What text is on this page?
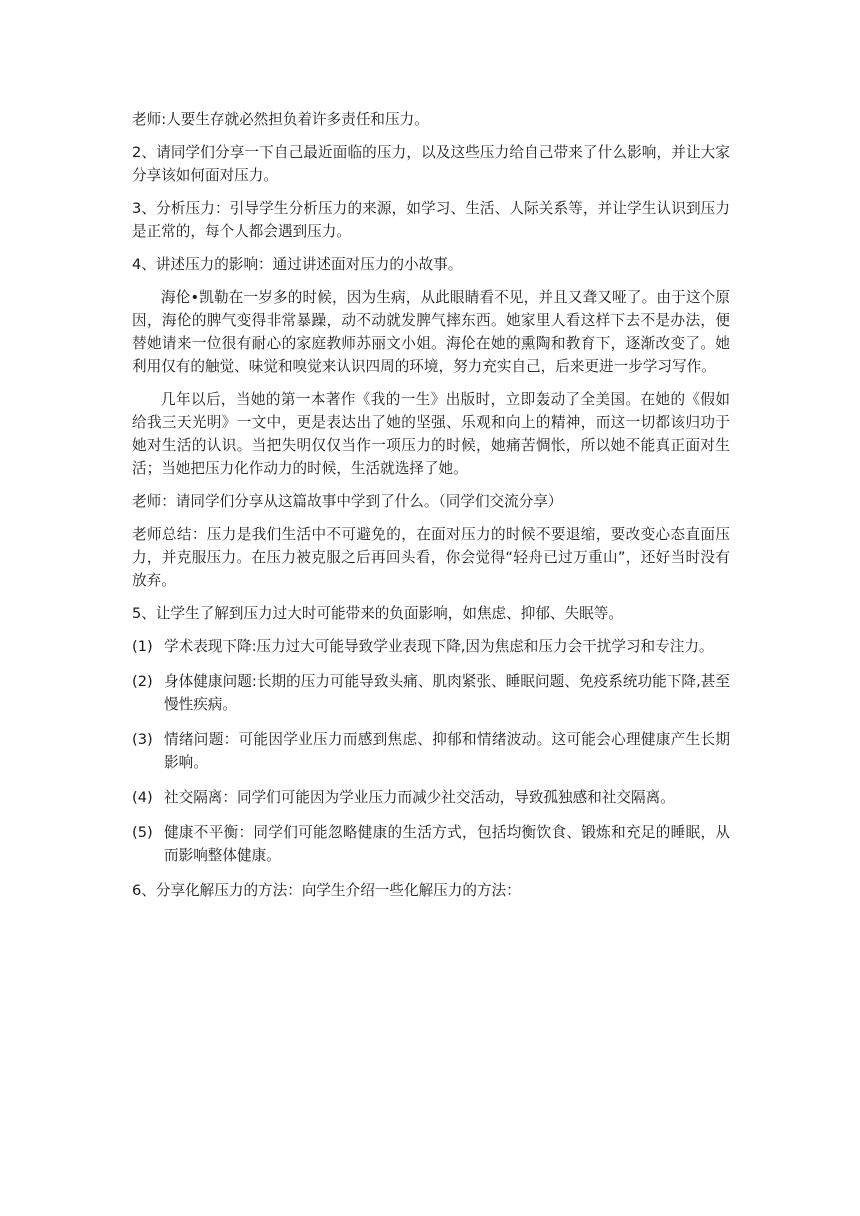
老师:人要生存就必然担负着许多责任和压力。

2、请同学们分享一下自己最近面临的压力，以及这些压力给自己带来了什么影响，并让大家分享该如何面对压力。

3、分析压力：引导学生分析压力的来源，如学习、生活、人际关系等，并让学生认识到压力是正常的，每个人都会遇到压力。

4、讲述压力的影响：通过讲述面对压力的小故事。

海伦•凯勒在一岁多的时候，因为生病，从此眼睛看不见，并且又聋又哑了。由于这个原因，海伦的脾气变得非常暴躁，动不动就发脾气摔东西。她家里人看这样下去不是办法，便替她请来一位很有耐心的家庭教师苏丽文小姐。海伦在她的熏陶和教育下，逐渐改变了。她利用仅有的触觉、味觉和嗅觉来认识四周的环境，努力充实自己，后来更进一步学习写作。

几年以后，当她的第一本著作《我的一生》出版时，立即轰动了全美国。在她的《假如给我三天光明》一文中，更是表达出了她的坚强、乐观和向上的精神，而这一切都该归功于她对生活的认识。当把失明仅仅当作一项压力的时候，她痛苦惆怅，所以她不能真正面对生活；当她把压力化作动力的时候，生活就选择了她。

老师：请同学们分享从这篇故事中学到了什么。（同学们交流分享）

老师总结：压力是我们生活中不可避免的，在面对压力的时候不要退缩，要改变心态直面压力，并克服压力。在压力被克服之后再回头看，你会觉得“轻舟已过万重山”，还好当时没有放弃。

5、让学生了解到压力过大时可能带来的负面影响，如焦虑、抑郁、失眠等。

(1) 学术表现下降:压力过大可能导致学业表现下降,因为焦虑和压力会干扰学习和专注力。
(2) 身体健康问题:长期的压力可能导致头痛、肌肉紧张、睡眠问题、免疫系统功能下降,甚至慢性疾病。
(3) 情绪问题：可能因学业压力而感到焦虑、抑郁和情绪波动。这可能会心理健康产生长期影响。
(4) 社交隔离：同学们可能因为学业压力而减少社交活动，导致孤独感和社交隔离。
(5) 健康不平衡：同学们可能忽略健康的生活方式，包括均衡饮食、锻炼和充足的睡眠，从而影响整体健康。

6、分享化解压力的方法：向学生介绍一些化解压力的方法：
